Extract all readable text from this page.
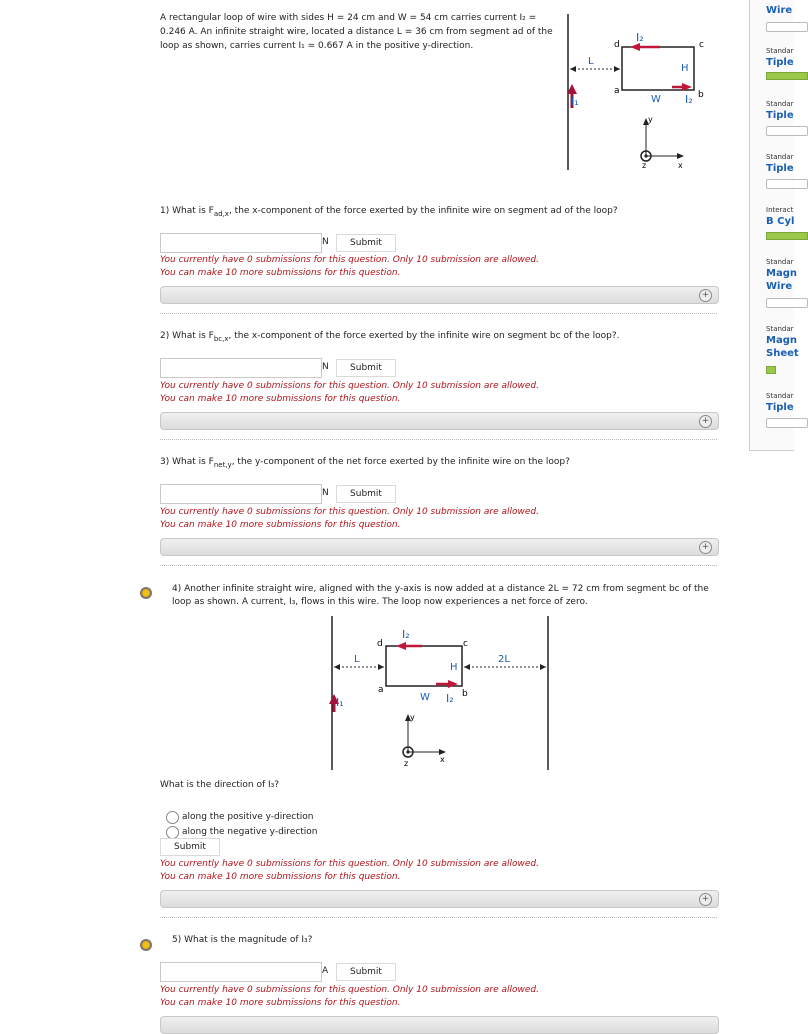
A rectangular loop of wire with sides H = 24 cm and W = 54 cm carries current I₂ = 0.246 A. An infinite straight wire, located a distance L = 36 cm from segment ad of the loop as shown, carries current I₁ = 0.667 A in the positive y-direction.
I₁
I₂
I₂
L
H
W
a	b
c
d
y
z	x
1) What is $F_{ad,x}$, the x-component of the force exerted by the infinite wire on segment ad of the loop?
N	Submit
You currently have 0 submissions for this question. Only 10 submission are allowed.
You can make 10 more submissions for this question.
+
2) What is $F_{bc,x}$, the x-component of the force exerted by the infinite wire on segment bc of the loop?.
N	Submit
You currently have 0 submissions for this question. Only 10 submission are allowed.
You can make 10 more submissions for this question.
+
3) What is $F_{net,y}$, the y-component of the net force exerted by the infinite wire on the loop?
N	Submit
You currently have 0 submissions for this question. Only 10 submission are allowed.
You can make 10 more submissions for this question.
+
4) Another infinite straight wire, aligned with the y-axis is now added at a distance 2L = 72 cm from segment bc of the loop as shown. A current, I₃, flows in this wire. The loop now experiences a net force of zero.
I₁
I₂
I₂
L
H
W
2L
a	b
c
d
y
z	x
What is the direction of I₃?
along the positive y-direction
along the negative y-direction
Submit
You currently have 0 submissions for this question. Only 10 submission are allowed.
You can make 10 more submissions for this question.
+
5) What is the magnitude of I₃?
A	Submit
You currently have 0 submissions for this question. Only 10 submission are allowed.
You can make 10 more submissions for this question.
Wire
Standar
Tiple
Standar
Tiple
Standar
Tiple
Interact
B Cyl
Standar
Magn
Wire
Standar
Magn
Sheet
Standar
Tiple
